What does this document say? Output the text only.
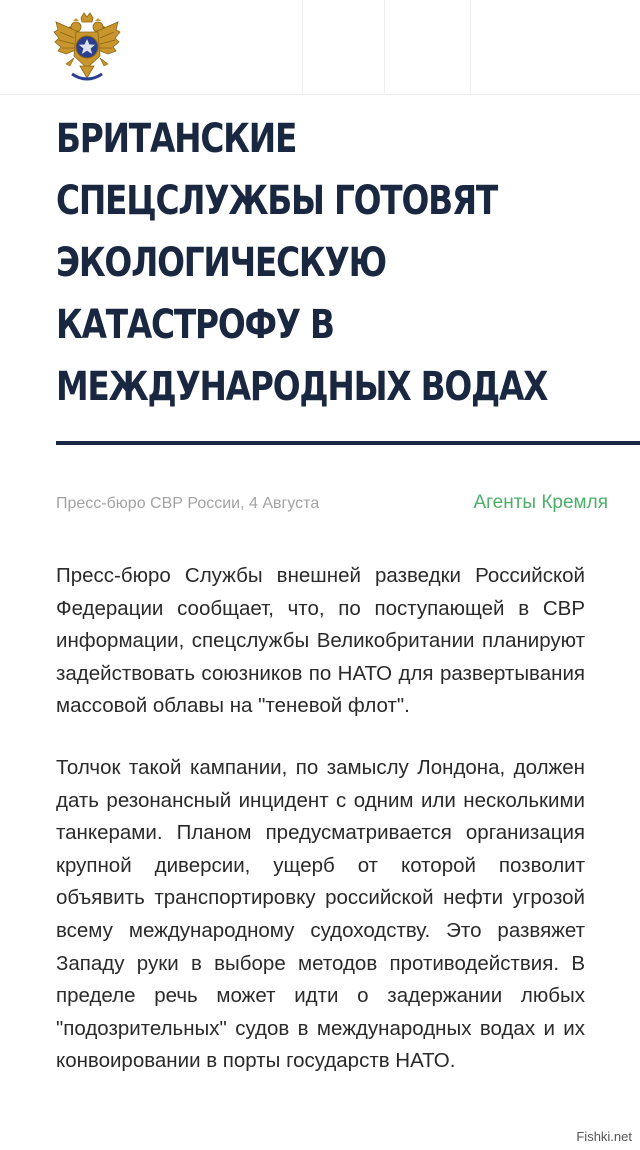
БРИТАНСКИЕ
СПЕЦСЛУЖБЫ ГОТОВЯТ
ЭКОЛОГИЧЕСКУЮ
КАТАСТРОФУ В
МЕЖДУНАРОДНЫХ ВОДАХ
Пресс-бюро СВР России, 4 Августа	Агенты Кремля

Пресс-бюро Службы внешней разведки Российской Федерации сообщает, что, по поступающей в СВР информации, спецслужбы Великобритании планируют задействовать союзников по НАТО для развертывания массовой облавы на "теневой флот".

Толчок такой кампании, по замыслу Лондона, должен дать резонансный инцидент с одним или несколькими танкерами. Планом предусматривается организация крупной диверсии, ущерб от которой позволит объявить транспортировку российской нефти угрозой всему международному судоходству. Это развяжет Западу руки в выборе методов противодействия. В пределе речь может идти о задержании любых "подозрительных" судов в международных водах и их конвоировании в порты государств НАТО.

Fishki.net
